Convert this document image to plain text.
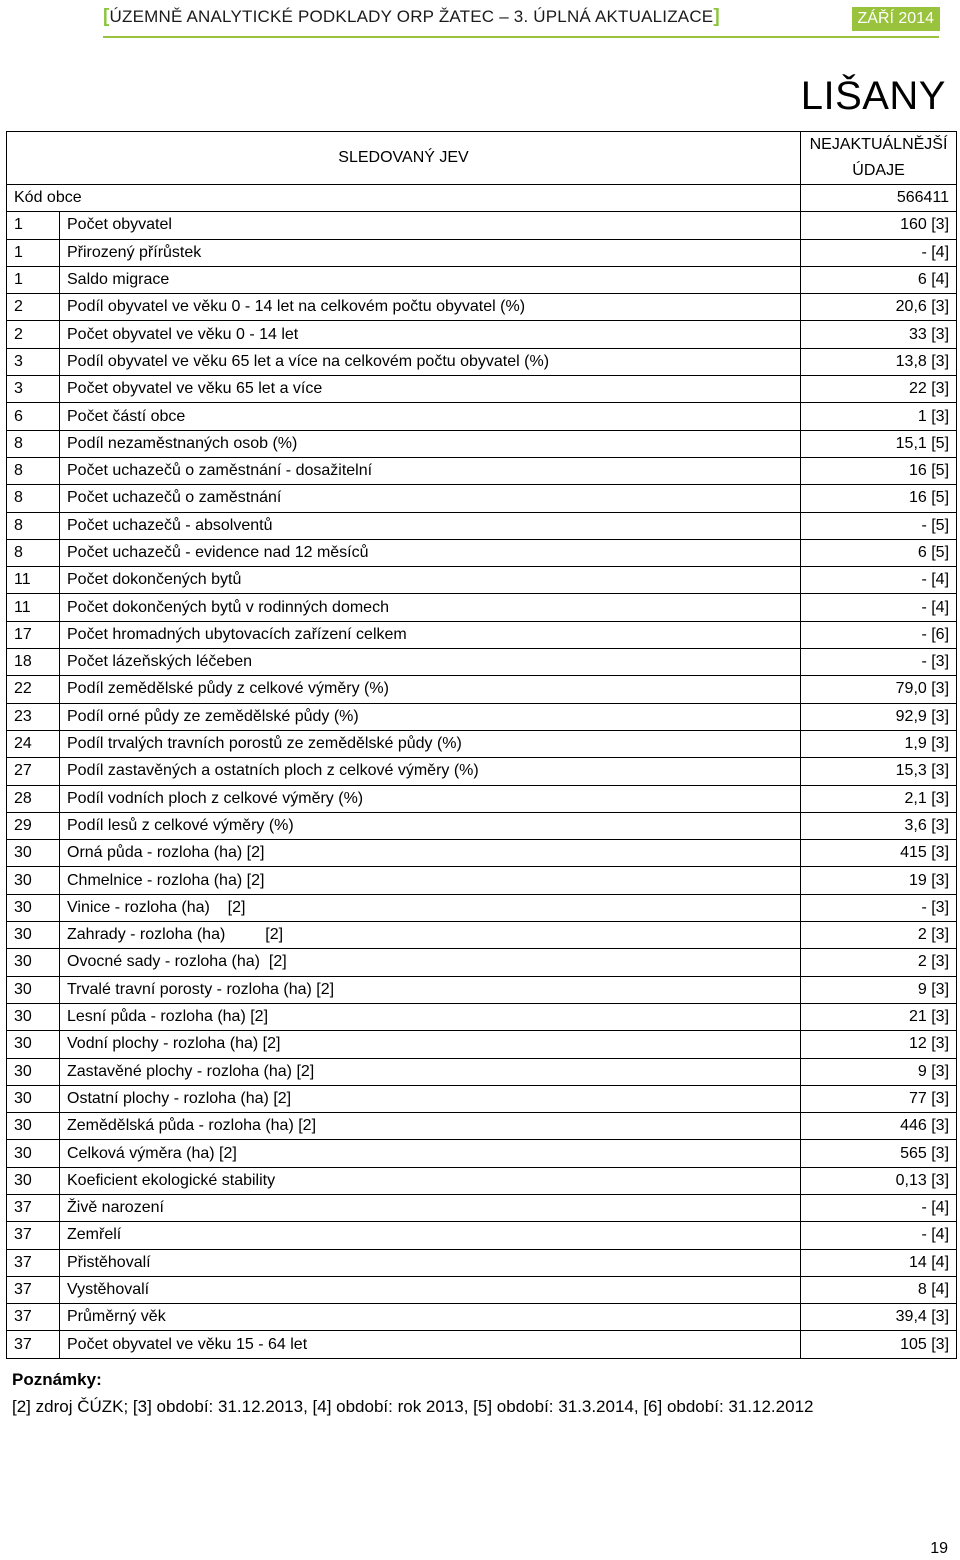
[ÚZEMNĚ ANALYTICKÉ PODKLADY ORP ŽATEC – 3. ÚPLNÁ AKTUALIZACE]	ZÁŘÍ 2014
LIŠANY
SLEDOVANÝ JEV		NEJAKTUÁLNĚJŠÍ ÚDAJE
Kód obce		566411
1	Počet obyvatel	160 [3]
1	Přirozený přírůstek	- [4]
1	Saldo migrace	6 [4]
2	Podíl obyvatel ve věku 0 - 14 let na celkovém počtu obyvatel (%)	20,6 [3]
2	Počet obyvatel ve věku 0 - 14 let	33 [3]
3	Podíl obyvatel ve věku 65 let a více na celkovém počtu obyvatel (%)	13,8 [3]
3	Počet obyvatel ve věku 65 let a více	22 [3]
6	Počet částí obce	1 [3]
8	Podíl nezaměstnaných osob (%)	15,1 [5]
8	Počet uchazečů o zaměstnání - dosažitelní	16 [5]
8	Počet uchazečů o zaměstnání	16 [5]
8	Počet uchazečů - absolventů	- [5]
8	Počet uchazečů - evidence nad 12 měsíců	6 [5]
11	Počet dokončených bytů	- [4]
11	Počet dokončených bytů v rodinných domech	- [4]
17	Počet hromadných ubytovacích zařízení celkem	- [6]
18	Počet lázeňských léčeben	- [3]
22	Podíl zemědělské půdy z celkové výměry (%)	79,0 [3]
23	Podíl orné půdy ze zemědělské půdy (%)	92,9 [3]
24	Podíl trvalých travních porostů ze zemědělské půdy (%)	1,9 [3]
27	Podíl zastavěných a ostatních ploch z celkové výměry (%)	15,3 [3]
28	Podíl vodních ploch z celkové výměry (%)	2,1 [3]
29	Podíl lesů z celkové výměry (%)	3,6 [3]
30	Orná půda - rozloha (ha) [2]	415 [3]
30	Chmelnice - rozloha (ha) [2]	19 [3]
30	Vinice - rozloha (ha)    [2]	- [3]
30	Zahrady - rozloha (ha)         [2]	2 [3]
30	Ovocné sady - rozloha (ha)  [2]	2 [3]
30	Trvalé travní porosty - rozloha (ha) [2]	9 [3]
30	Lesní půda - rozloha (ha) [2]	21 [3]
30	Vodní plochy - rozloha (ha) [2]	12 [3]
30	Zastavěné plochy - rozloha (ha) [2]	9 [3]
30	Ostatní plochy - rozloha (ha) [2]	77 [3]
30	Zemědělská půda - rozloha (ha) [2]	446 [3]
30	Celková výměra (ha) [2]	565 [3]
30	Koeficient ekologické stability	0,13 [3]
37	Živě narození	- [4]
37	Zemřelí	- [4]
37	Přistěhovalí	14 [4]
37	Vystěhovalí	8 [4]
37	Průměrný věk	39,4 [3]
37	Počet obyvatel ve věku 15 - 64 let	105 [3]
Poznámky:
[2] zdroj ČÚZK; [3] období: 31.12.2013, [4] období: rok 2013, [5] období: 31.3.2014, [6] období: 31.12.2012
19
